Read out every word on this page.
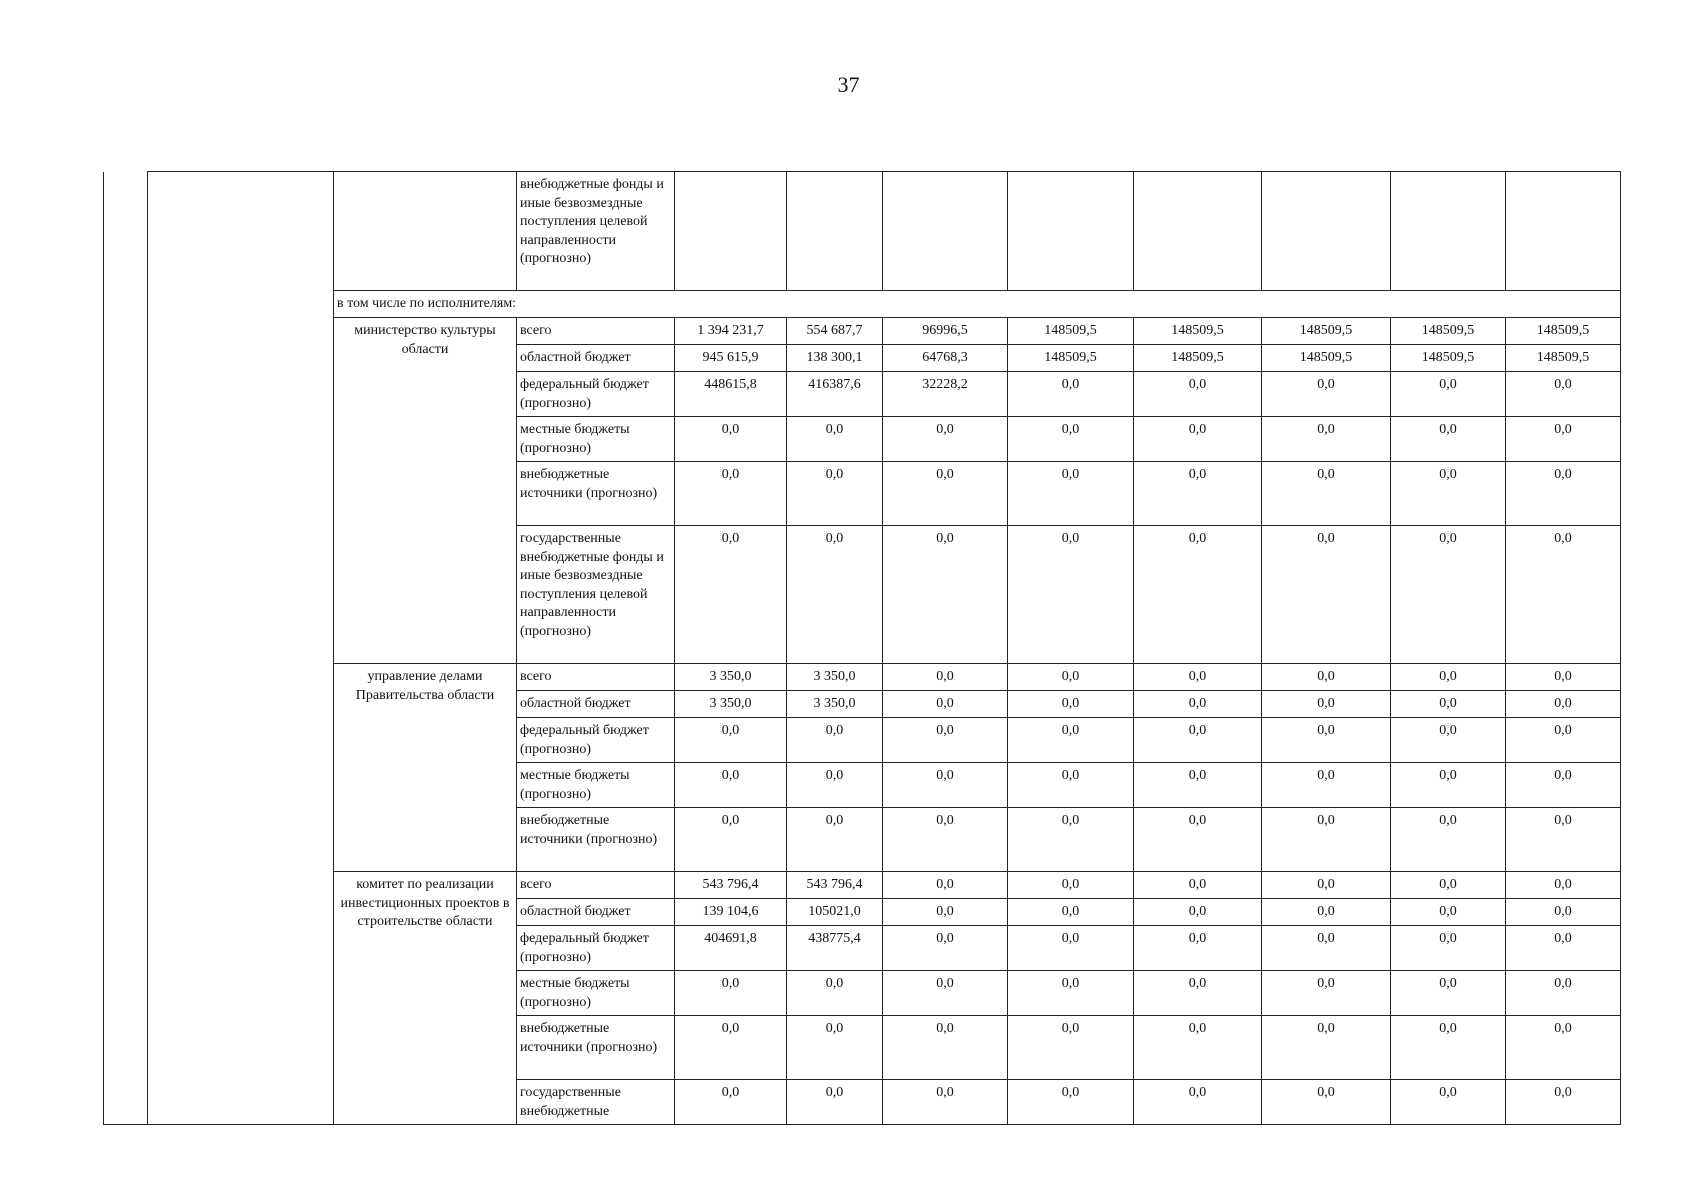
37
			внебюджетные фонды и иные безвозмездные поступления целевой направленности (прогнозно)								
		в том числе по исполнителям:									
		министерство культуры области	всего	1 394 231,7	554 687,7	96996,5	148509,5	148509,5	148509,5	148509,5	148509,5
			областной бюджет	945 615,9	138 300,1	64768,3	148509,5	148509,5	148509,5	148509,5	148509,5
			федеральный бюджет (прогнозно)	448615,8	416387,6	32228,2	0,0	0,0	0,0	0,0	0,0
			местные бюджеты (прогнозно)	0,0	0,0	0,0	0,0	0,0	0,0	0,0	0,0
			внебюджетные источники (прогнозно)	0,0	0,0	0,0	0,0	0,0	0,0	0,0	0,0
			государственные внебюджетные фонды и иные безвозмездные поступления целевой направленности (прогнозно)	0,0	0,0	0,0	0,0	0,0	0,0	0,0	0,0
		управление делами Правительства области	всего	3 350,0	3 350,0	0,0	0,0	0,0	0,0	0,0	0,0
			областной бюджет	3 350,0	3 350,0	0,0	0,0	0,0	0,0	0,0	0,0
			федеральный бюджет (прогнозно)	0,0	0,0	0,0	0,0	0,0	0,0	0,0	0,0
			местные бюджеты (прогнозно)	0,0	0,0	0,0	0,0	0,0	0,0	0,0	0,0
			внебюджетные источники (прогнозно)	0,0	0,0	0,0	0,0	0,0	0,0	0,0	0,0
		комитет по реализации инвестиционных проектов в строительстве области	всего	543 796,4	543 796,4	0,0	0,0	0,0	0,0	0,0	0,0
			областной бюджет	139 104,6	105021,0	0,0	0,0	0,0	0,0	0,0	0,0
			федеральный бюджет (прогнозно)	404691,8	438775,4	0,0	0,0	0,0	0,0	0,0	0,0
			местные бюджеты (прогнозно)	0,0	0,0	0,0	0,0	0,0	0,0	0,0	0,0
			внебюджетные источники (прогнозно)	0,0	0,0	0,0	0,0	0,0	0,0	0,0	0,0
			государственные внебюджетные	0,0	0,0	0,0	0,0	0,0	0,0	0,0	0,0
